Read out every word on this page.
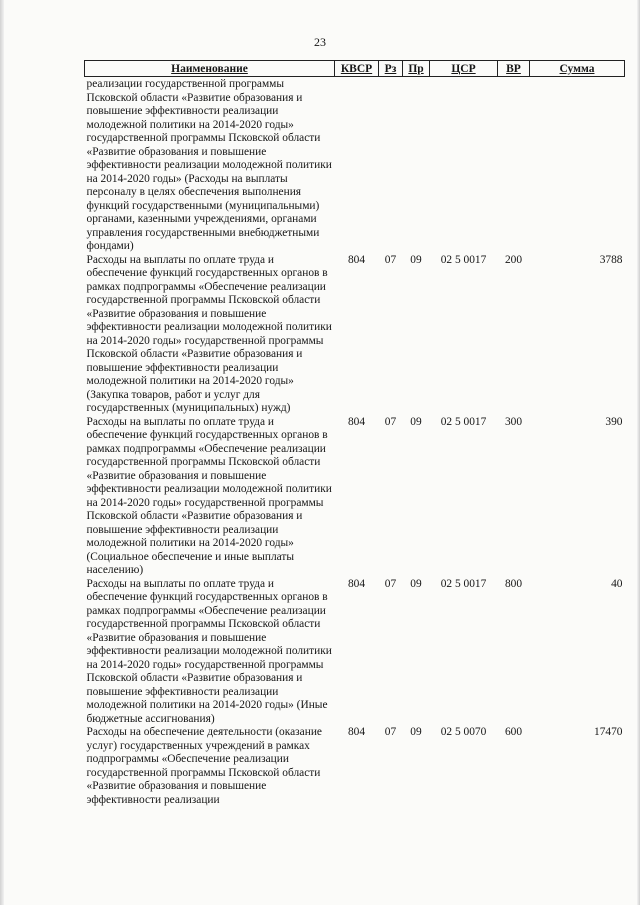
23
Наименование	КВСР	Рз	Пр	ЦСР	ВР	Сумма
реализации государственной программы Псковской области «Развитие образования и повышение эффективности реализации молодежной политики на 2014-2020 годы» государственной программы Псковской области «Развитие образования и повышение эффективности реализации молодежной политики на 2014-2020 годы» (Расходы на выплаты персоналу в целях обеспечения выполнения функций государственными (муниципальными) органами, казенными учреждениями, органами управления государственными внебюджетными фондами)						
Расходы на выплаты по оплате труда и обеспечение функций государственных органов в рамках подпрограммы «Обеспечение реализации государственной программы Псковской области «Развитие образования и повышение эффективности реализации молодежной политики на 2014-2020 годы» государственной программы Псковской области «Развитие образования и повышение эффективности реализации молодежной политики на 2014-2020 годы» (Закупка товаров, работ и услуг для государственных (муниципальных) нужд)	804	07	09	02 5 0017	200	3788
Расходы на выплаты по оплате труда и обеспечение функций государственных органов в рамках подпрограммы «Обеспечение реализации государственной программы Псковской области «Развитие образования и повышение эффективности реализации молодежной политики на 2014-2020 годы» государственной программы Псковской области «Развитие образования и повышение эффективности реализации молодежной политики на 2014-2020 годы» (Социальное обеспечение и иные выплаты населению)	804	07	09	02 5 0017	300	390
Расходы на выплаты по оплате труда и обеспечение функций государственных органов в рамках подпрограммы «Обеспечение реализации государственной программы Псковской области «Развитие образования и повышение эффективности реализации молодежной политики на 2014-2020 годы» государственной программы Псковской области «Развитие образования и повышение эффективности реализации молодежной политики на 2014-2020 годы» (Иные бюджетные ассигнования)	804	07	09	02 5 0017	800	40
Расходы на обеспечение деятельности (оказание услуг) государственных учреждений в рамках подпрограммы «Обеспечение реализации государственной программы Псковской области «Развитие образования и повышение эффективности реализации	804	07	09	02 5 0070	600	17470
